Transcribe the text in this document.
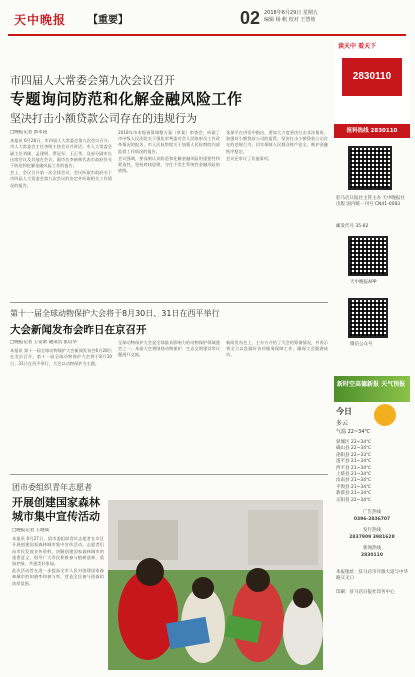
天中晚报 【重要】	02 2018年6月29日 星期五
编辑 杨 帆 校对 王慧坡
市四届人大常委会第九次会议召开
专题询问防范和化解金融风险工作
坚决打击小额贷款公司存在的违规行为
□晚报记者 郭永超

本报讯 6月28日，市四届人大常委会第九次会议召开。市人大常委会主任李明主持会议并讲话。市人大常委会副主任刘刚、孟建明、罗冠军，王正华，及部分副市长出席会议及其他在会议，副市长李新林代表市政府作关于防范和化解金融风险工作的报告。

会上，会议召开第一次全体会议，会议听取市政府关于市四届人大常委会第九次会议的决定并听取相关工作情况的报告。

2018年市本级预算调整方案（草案）审查会，听取了市中级人民法院关于强化审判委员会人民陪审员工作改革情况的报告，市人民检察院关于加强人民检察院内部监督工作情况的报告。

会议强调，要深刻认识防范和化解金融风险的重要性和紧迫性，坚持底线思维，守住不发生系统性金融风险的底线。

张保平在讲话中指出，要加大力度坚决打击非法集资，加强对小额贷款公司的监管，坚决打击小额贷款公司存在的违规行为，切实保障人民群众财产安全，维护金融秩序稳定。

会议还审议了其他事项。

第十一届全球动物保护大会将于8月30日、31日在西平举行
大会新闻发布会昨日在京召开
□晚报记者 王安蕾 通讯员 张培华

本报讯 第十一届全球动物保护大会新闻发布会6月28日在北京召开。第十一届全球动物保护大会将于8月30日、31日在西平举行，大会以动物保护为主题。

全球动物保护大会是全球最具影响力的动物保护领域盛会之一。本届大会将围绕动物保护、生态文明建设等议题展开交流。

新闻发布会上，主办方介绍了大会的筹备情况，并表示将全力以赴做好各项服务保障工作，确保大会圆满成功。

团市委组织青年志愿者
开展创建国家森林城市集中宣传活动
□晚报记者 王晓成

本报讯 6月27日，团市委组织青年志愿者在市区开展创建国家森林城市集中宣传活动。志愿者们向市民发放宣传资料，讲解创建国家森林城市的重要意义，倡导广大市民积极参与植树造林，爱绿护绿，共建美好家园。

此次活动旨在进一步提高全市人民对创建国家森林城市的知晓率和参与率，营造全民参与创森的浓厚氛围。

读天中 看天下
2830110
报料热线 2830110
驻马店日报社主管主办 天中晚报社出版 国内统一刊号 CN41-0083
邮发代号 35-82
天中晚报APP
微信公众号
新时空高德新报 天气预报
今日
多云
气温 22~34℃
驿城区 22~34℃
确山县 22~34℃
泌阳县 22~33℃
遂平县 21~34℃
西平县 21~34℃
上蔡县 21~34℃
汝南县 21~34℃
平舆县 21~34℃
新蔡县 21~34℃
正阳县 22~34℃
广告热线
0396-2836707
发行热线
2837909 3981628
新闻热线
2830110
本报地址：驻马店市开源大道与中华路交叉口
印刷：驻马店日报社印务中心
